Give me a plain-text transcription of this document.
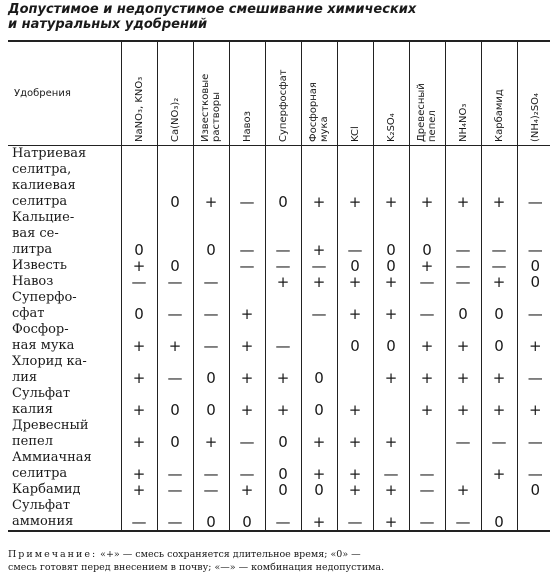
Допустимое и недопустимое смешивание химических
и натуральных удобрений
Удобрения	NaNO₃, KNO₃	Ca(NO₃)₂	Известковые
растворы	Навоз	Суперфосфат	Фосфорная
мука	KCl	K₂SO₄	Древесный
пепел	NH₄NO₃	Карбамид	(NH₄)₂SO₄

Натриевая
селитра,
калиевая
селитра		0	+	—	0	+	+	+	+	+	+	—
Кальцие-
вая се-
литра	0		0	—	—	+	—	0	0	—	—	—
Известь	+	0		—	—	—	0	0	+	—	—	0
Навоз	—	—	—		+	+	+	+	—	—	+	0
Суперфо-
сфат	0	—	—	+		—	+	+	—	0	0	—
Фосфор-
ная мука	+	+	—	+	—		0	0	+	+	0	+
Хлорид ка-
лия	+	—	0	+	+	0		+	+	+	+	—
Сульфат
калия	+	0	0	+	+	0	+		+	+	+	+
Древесный
пепел	+	0	+	—	0	+	+	+		—	—	—
Аммиачная
селитра	+	—	—	—	0	+	+	—	—		+	—
Карбамид	+	—	—	+	0	0	+	+	—	+		0
Сульфат
аммония	—	—	0	0	—	+	—	+	—	—	0	
Примечание: «+» — смесь сохраняется длительное время; «0» —
смесь готовят перед внесением в почву; «—» — комбинация недопустима.
